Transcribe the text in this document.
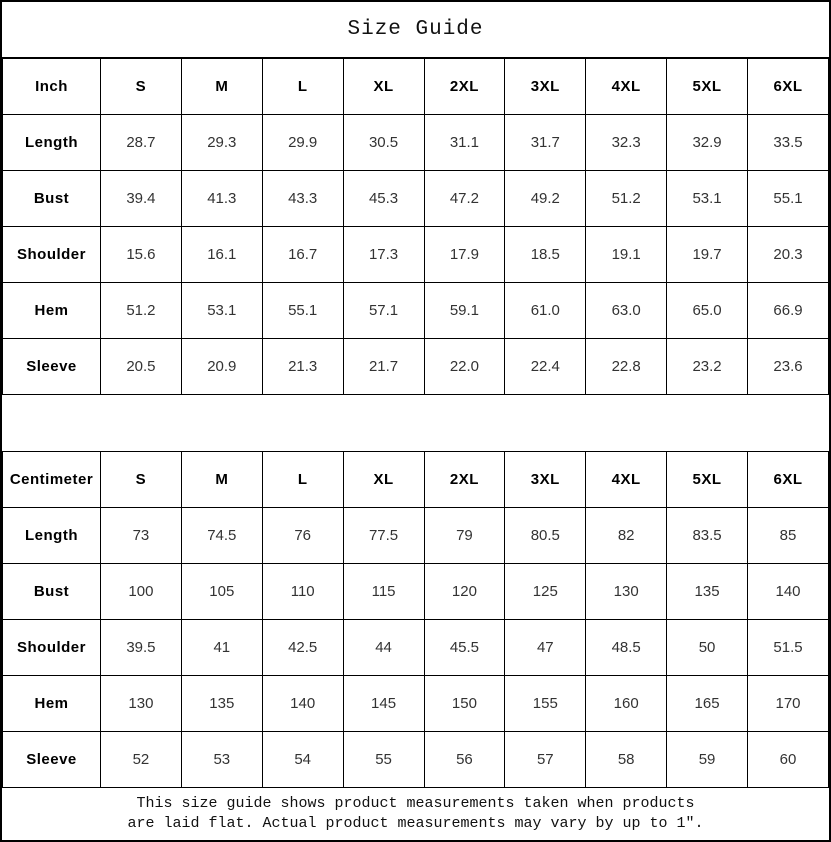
Size Guide
Inch	S	M	L	XL	2XL	3XL	4XL	5XL	6XL
Length	28.7	29.3	29.9	30.5	31.1	31.7	32.3	32.9	33.5
Bust	39.4	41.3	43.3	45.3	47.2	49.2	51.2	53.1	55.1
Shoulder	15.6	16.1	16.7	17.3	17.9	18.5	19.1	19.7	20.3
Hem	51.2	53.1	55.1	57.1	59.1	61.0	63.0	65.0	66.9
Sleeve	20.5	20.9	21.3	21.7	22.0	22.4	22.8	23.2	23.6
Centimeter	S	M	L	XL	2XL	3XL	4XL	5XL	6XL
Length	73	74.5	76	77.5	79	80.5	82	83.5	85
Bust	100	105	110	115	120	125	130	135	140
Shoulder	39.5	41	42.5	44	45.5	47	48.5	50	51.5
Hem	130	135	140	145	150	155	160	165	170
Sleeve	52	53	54	55	56	57	58	59	60
This size guide shows product measurements taken when products
are laid flat. Actual product measurements may vary by up to 1″.
